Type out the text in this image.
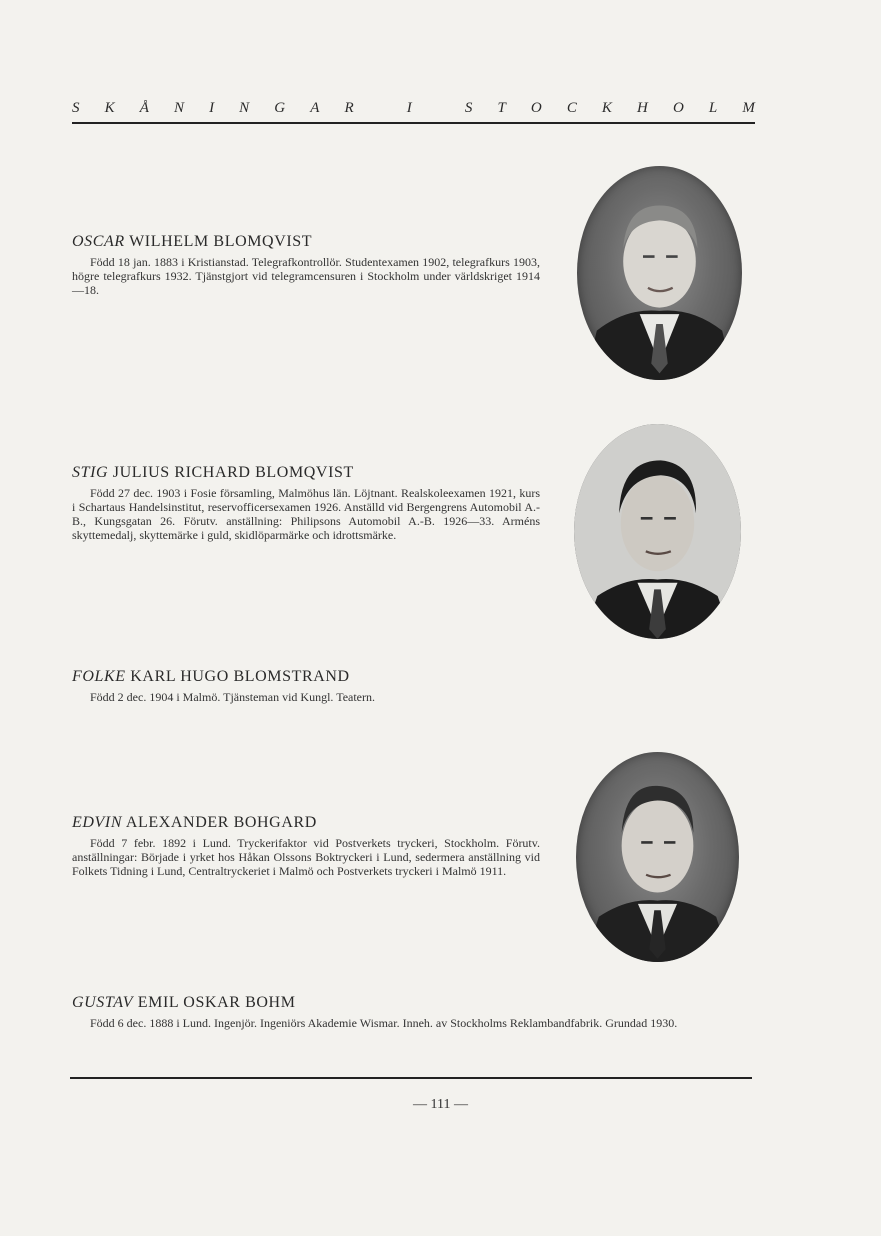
S K Å N I N G A R	I	S T O C K H O L M

OSCAR WILHELM BLOMQVIST

Född 18 jan. 1883 i Kristianstad. Telegrafkontrollör. Studentexamen 1902, telegrafkurs 1903, högre telegrafkurs 1932. Tjänstgjort vid telegramcensuren i Stockholm under världskriget 1914—18.

STIG JULIUS RICHARD BLOMQVIST

Född 27 dec. 1903 i Fosie församling, Malmöhus län. Löjtnant. Realskoleexamen 1921, kurs i Schartaus Handelsinstitut, reservofficersexamen 1926. Anställd vid Bergengrens Automobil A.-B., Kungsgatan 26. Förutv. anställning: Philipsons Automobil A.-B. 1926—33. Arméns skyttemedalj, skyttemärke i guld, skidlöparmärke och idrottsmärke.

FOLKE KARL HUGO BLOMSTRAND

Född 2 dec. 1904 i Malmö. Tjänsteman vid Kungl. Teatern.

EDVIN ALEXANDER BOHGARD

Född 7 febr. 1892 i Lund. Tryckerifaktor vid Postverkets tryckeri, Stockholm. Förutv. anställningar: Började i yrket hos Håkan Olssons Boktryckeri i Lund, sedermera anställning vid Folkets Tidning i Lund, Centraltryckeriet i Malmö och Postverkets tryckeri i Malmö 1911.

GUSTAV EMIL OSKAR BOHM

Född 6 dec. 1888 i Lund. Ingenjör. Ingeniörs Akademie Wismar. Inneh. av Stockholms Reklambandfabrik. Grundad 1930.

— 111 —
